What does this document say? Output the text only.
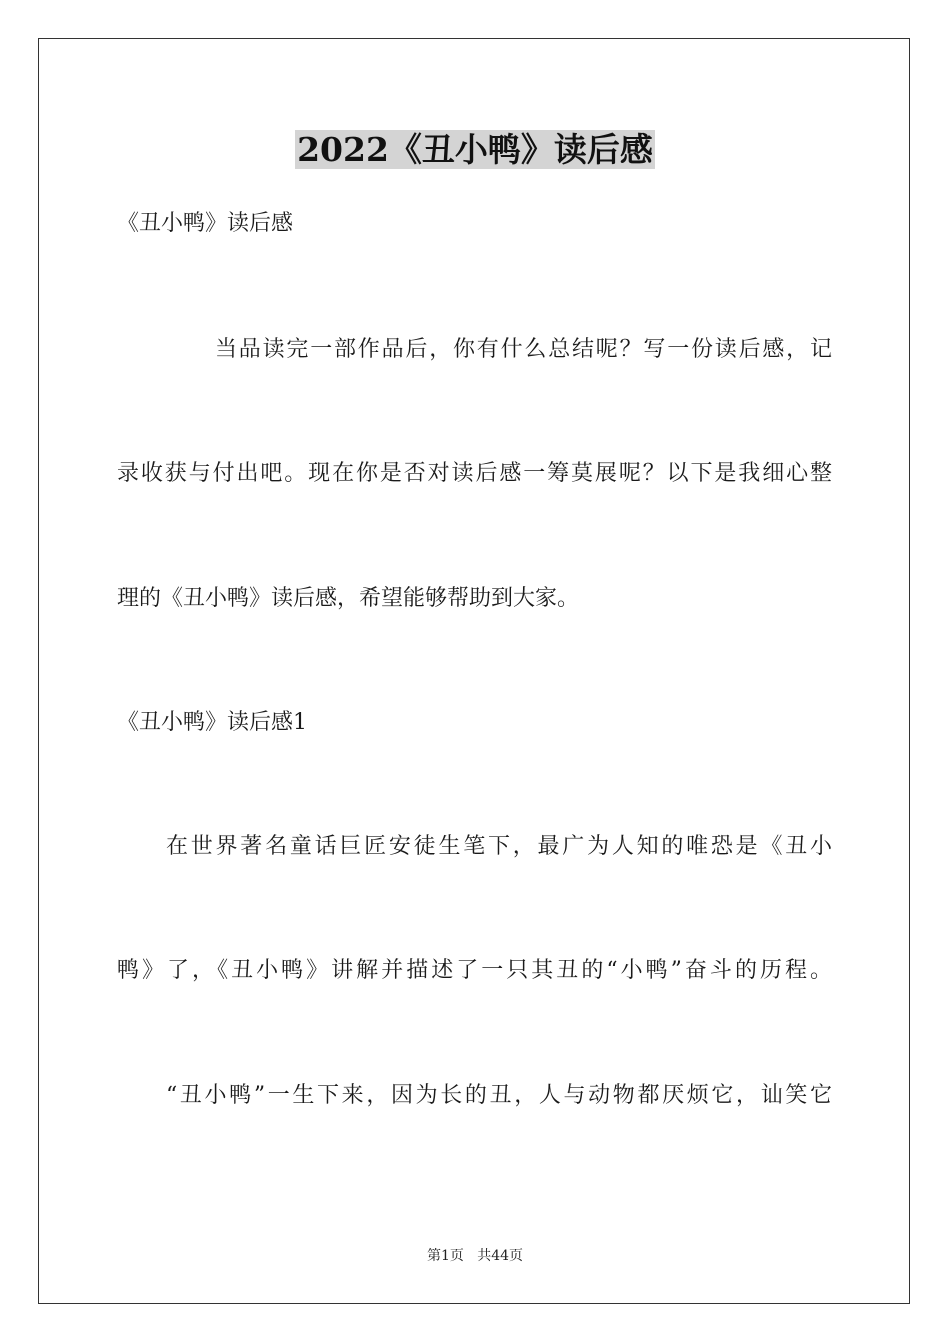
2022《丑小鸭》读后感
《丑小鸭》读后感
当品读完一部作品后，你有什么总结呢？写一份读后感，记
录收获与付出吧。现在你是否对读后感一筹莫展呢？以下是我细心整
理的《丑小鸭》读后感，希望能够帮助到大家。
《丑小鸭》读后感1
在世界著名童话巨匠安徒生笔下，最广为人知的唯恐是《丑小
鸭》了，《丑小鸭》讲解并描述了一只其丑的“小鸭”奋斗的历程。
“丑小鸭”一生下来，因为长的丑，人与动物都厌烦它，讪笑它
第1页   共44页
